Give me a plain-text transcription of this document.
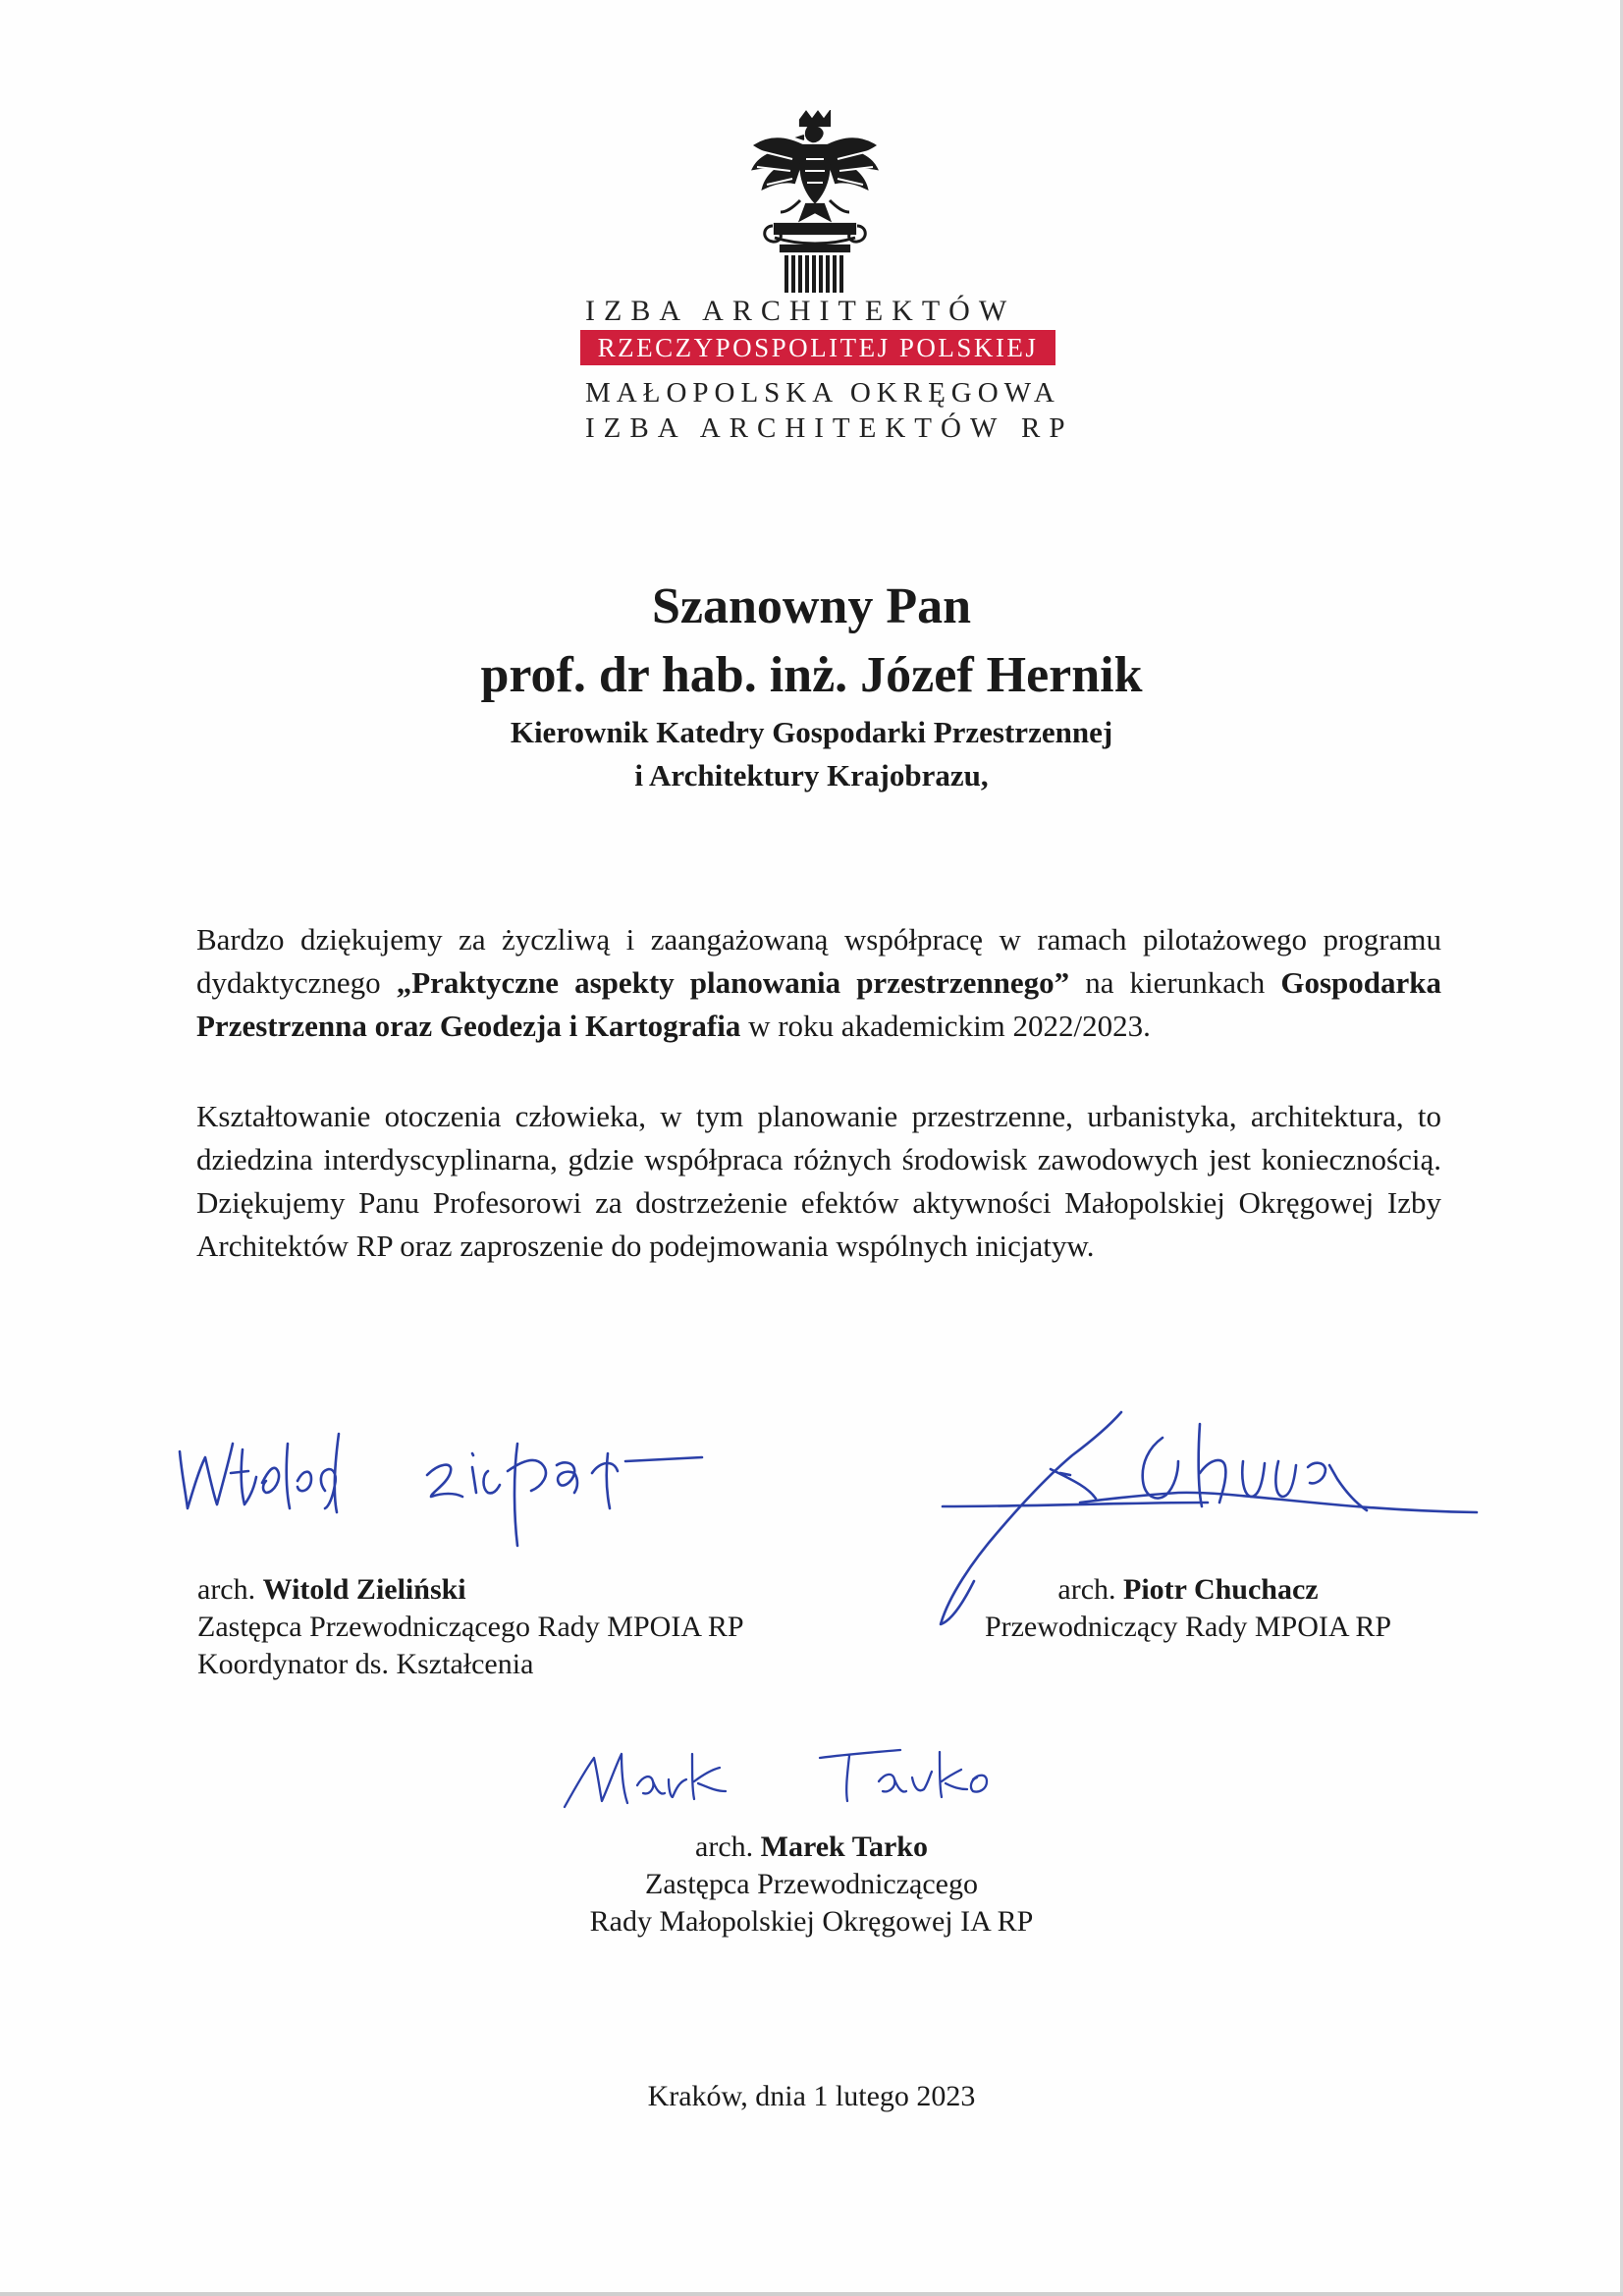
IZBA ARCHITEKTÓW
RZECZYPOSPOLITEJ POLSKIEJ
MAŁOPOLSKA OKRĘGOWA
IZBA ARCHITEKTÓW RP
Szanowny Pan
prof. dr hab. inż. Józef Hernik
Kierownik Katedry Gospodarki Przestrzennej
i Architektury Krajobrazu,
Bardzo dziękujemy za życzliwą i zaangażowaną współpracę w ramach pilotażowego programu dydaktycznego „Praktyczne aspekty planowania przestrzennego” na kierunkach Gospodarka Przestrzenna oraz Geodezja i Kartografia w roku akademickim 2022/2023.
Kształtowanie otoczenia człowieka, w tym planowanie przestrzenne, urbanistyka, architektura, to dziedzina interdyscyplinarna, gdzie współpraca różnych środowisk zawodowych jest koniecznością. Dziękujemy Panu Profesorowi za dostrzeżenie efektów aktywności Małopolskiej Okręgowej Izby Architektów RP oraz zaproszenie do podejmowania wspólnych inicjatyw.
arch. Witold Zieliński
Zastępca Przewodniczącego Rady MPOIA RP
Koordynator ds. Kształcenia
arch. Piotr Chuchacz
Przewodniczący Rady MPOIA RP
arch. Marek Tarko
Zastępca Przewodniczącego
Rady Małopolskiej Okręgowej IA RP
Kraków, dnia 1 lutego 2023
